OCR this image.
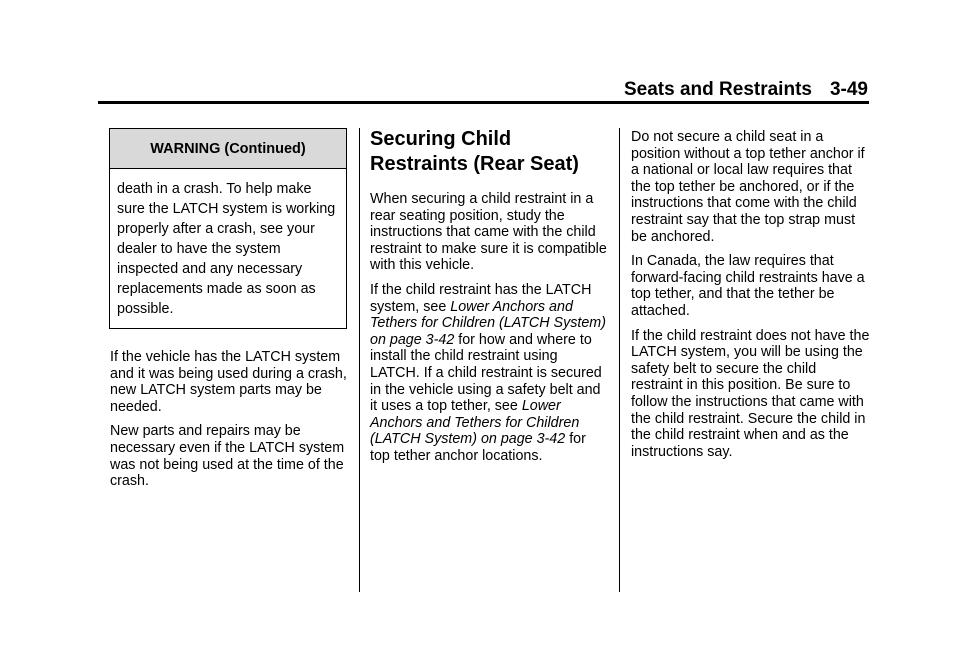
Seats and Restraints 3-49
WARNING (Continued)
death in a crash. To help make sure the LATCH system is working properly after a crash, see your dealer to have the system inspected and any necessary replacements made as soon as possible.

If the vehicle has the LATCH system and it was being used during a crash, new LATCH system parts may be needed.

New parts and repairs may be necessary even if the LATCH system was not being used at the time of the crash.

Securing Child Restraints (Rear Seat)

When securing a child restraint in a rear seating position, study the instructions that came with the child restraint to make sure it is compatible with this vehicle.

If the child restraint has the LATCH system, see Lower Anchors and Tethers for Children (LATCH System) on page 3-42 for how and where to install the child restraint using LATCH. If a child restraint is secured in the vehicle using a safety belt and it uses a top tether, see Lower Anchors and Tethers for Children (LATCH System) on page 3-42 for top tether anchor locations.

Do not secure a child seat in a position without a top tether anchor if a national or local law requires that the top tether be anchored, or if the instructions that come with the child restraint say that the top strap must be anchored.

In Canada, the law requires that forward-facing child restraints have a top tether, and that the tether be attached.

If the child restraint does not have the LATCH system, you will be using the safety belt to secure the child restraint in this position. Be sure to follow the instructions that came with the child restraint. Secure the child in the child restraint when and as the instructions say.
